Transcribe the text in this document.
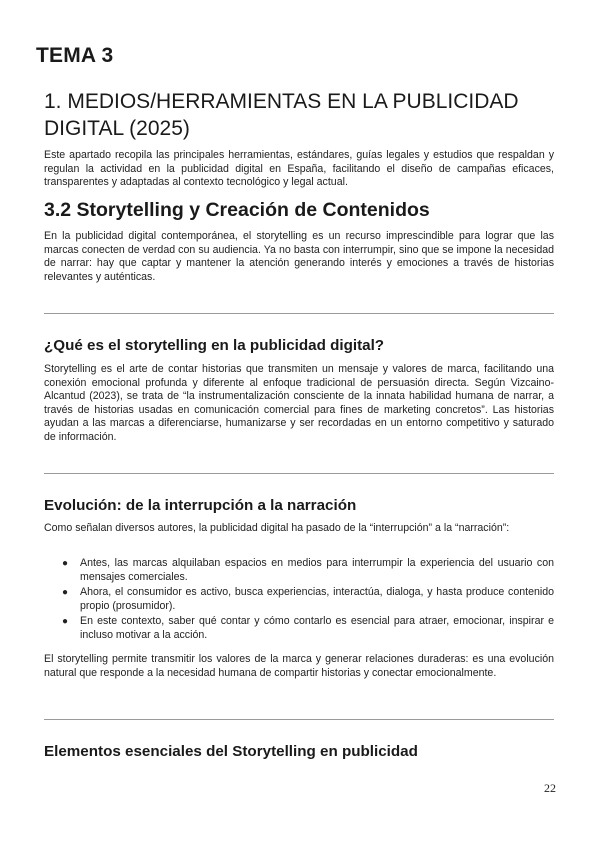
TEMA 3
1. MEDIOS/HERRAMIENTAS EN LA PUBLICIDAD
DIGITAL (2025)
Este apartado recopila las principales herramientas, estándares, guías legales y estudios que respaldan y regulan la actividad en la publicidad digital en España, facilitando el diseño de campañas eficaces, transparentes y adaptadas al contexto tecnológico y legal actual.
3.2 Storytelling y Creación de Contenidos
En la publicidad digital contemporánea, el storytelling es un recurso imprescindible para lograr que las marcas conecten de verdad con su audiencia. Ya no basta con interrumpir, sino que se impone la necesidad de narrar: hay que captar y mantener la atención generando interés y emociones a través de historias relevantes y auténticas.
¿Qué es el storytelling en la publicidad digital?
Storytelling es el arte de contar historias que transmiten un mensaje y valores de marca, facilitando una conexión emocional profunda y diferente al enfoque tradicional de persuasión directa. Según Vizcaino-Alcantud (2023), se trata de “la instrumentalización consciente de la innata habilidad humana de narrar, a través de historias usadas en comunicación comercial para fines de marketing concretos”. Las historias ayudan a las marcas a diferenciarse, humanizarse y ser recordadas en un entorno competitivo y saturado de información.
Evolución: de la interrupción a la narración
Como señalan diversos autores, la publicidad digital ha pasado de la “interrupción” a la “narración”:
● Antes, las marcas alquilaban espacios en medios para interrumpir la experiencia del usuario con mensajes comerciales.
● Ahora, el consumidor es activo, busca experiencias, interactúa, dialoga, y hasta produce contenido propio (prosumidor).
● En este contexto, saber qué contar y cómo contarlo es esencial para atraer, emocionar, inspirar e incluso motivar a la acción.
El storytelling permite transmitir los valores de la marca y generar relaciones duraderas: es una evolución natural que responde a la necesidad humana de compartir historias y conectar emocionalmente.
Elementos esenciales del Storytelling en publicidad
22
